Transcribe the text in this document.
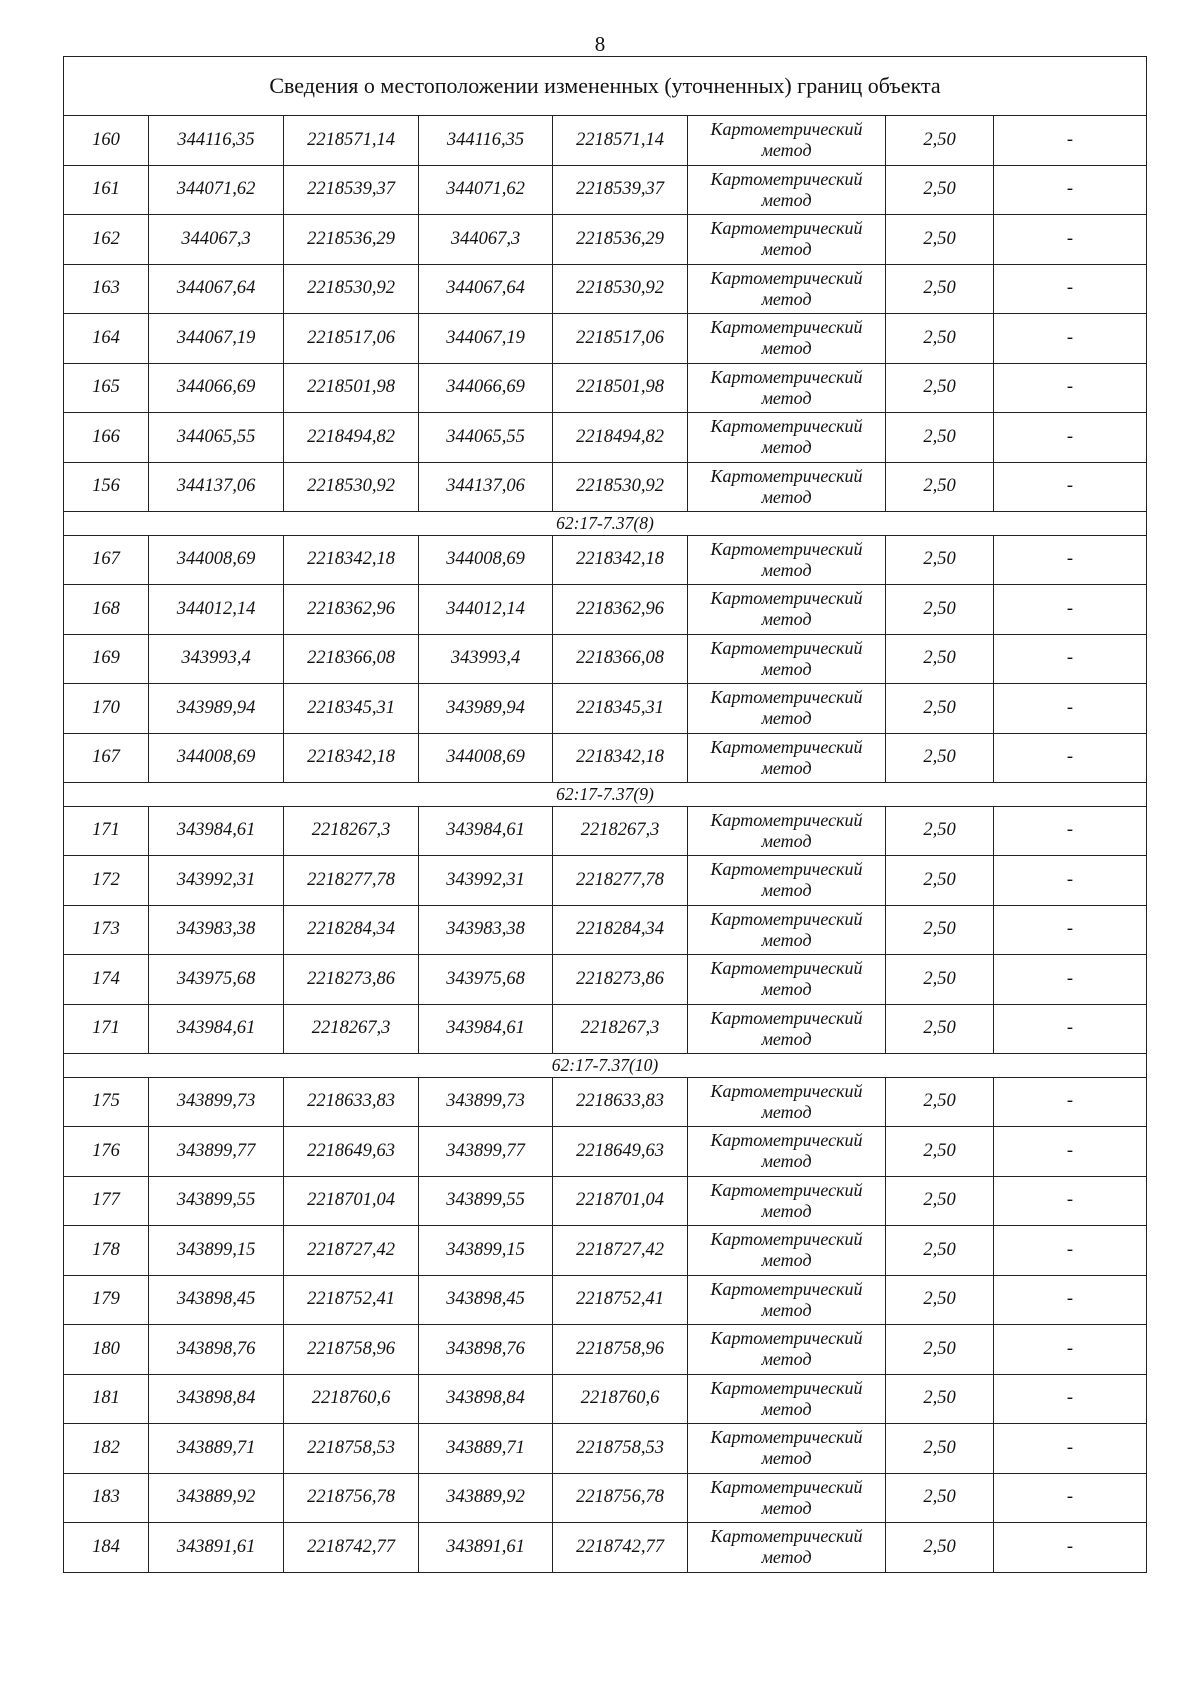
8
Сведения о местоположении измененных (уточненных) границ объекта							
160	344116,35	2218571,14	344116,35	2218571,14	Картометрический метод	2,50	-
161	344071,62	2218539,37	344071,62	2218539,37	Картометрический метод	2,50	-
162	344067,3	2218536,29	344067,3	2218536,29	Картометрический метод	2,50	-
163	344067,64	2218530,92	344067,64	2218530,92	Картометрический метод	2,50	-
164	344067,19	2218517,06	344067,19	2218517,06	Картометрический метод	2,50	-
165	344066,69	2218501,98	344066,69	2218501,98	Картометрический метод	2,50	-
166	344065,55	2218494,82	344065,55	2218494,82	Картометрический метод	2,50	-
156	344137,06	2218530,92	344137,06	2218530,92	Картометрический метод	2,50	-
62:17-7.37(8)							
167	344008,69	2218342,18	344008,69	2218342,18	Картометрический метод	2,50	-
168	344012,14	2218362,96	344012,14	2218362,96	Картометрический метод	2,50	-
169	343993,4	2218366,08	343993,4	2218366,08	Картометрический метод	2,50	-
170	343989,94	2218345,31	343989,94	2218345,31	Картометрический метод	2,50	-
167	344008,69	2218342,18	344008,69	2218342,18	Картометрический метод	2,50	-
62:17-7.37(9)							
171	343984,61	2218267,3	343984,61	2218267,3	Картометрический метод	2,50	-
172	343992,31	2218277,78	343992,31	2218277,78	Картометрический метод	2,50	-
173	343983,38	2218284,34	343983,38	2218284,34	Картометрический метод	2,50	-
174	343975,68	2218273,86	343975,68	2218273,86	Картометрический метод	2,50	-
171	343984,61	2218267,3	343984,61	2218267,3	Картометрический метод	2,50	-
62:17-7.37(10)							
175	343899,73	2218633,83	343899,73	2218633,83	Картометрический метод	2,50	-
176	343899,77	2218649,63	343899,77	2218649,63	Картометрический метод	2,50	-
177	343899,55	2218701,04	343899,55	2218701,04	Картометрический метод	2,50	-
178	343899,15	2218727,42	343899,15	2218727,42	Картометрический метод	2,50	-
179	343898,45	2218752,41	343898,45	2218752,41	Картометрический метод	2,50	-
180	343898,76	2218758,96	343898,76	2218758,96	Картометрический метод	2,50	-
181	343898,84	2218760,6	343898,84	2218760,6	Картометрический метод	2,50	-
182	343889,71	2218758,53	343889,71	2218758,53	Картометрический метод	2,50	-
183	343889,92	2218756,78	343889,92	2218756,78	Картометрический метод	2,50	-
184	343891,61	2218742,77	343891,61	2218742,77	Картометрический метод	2,50	-
